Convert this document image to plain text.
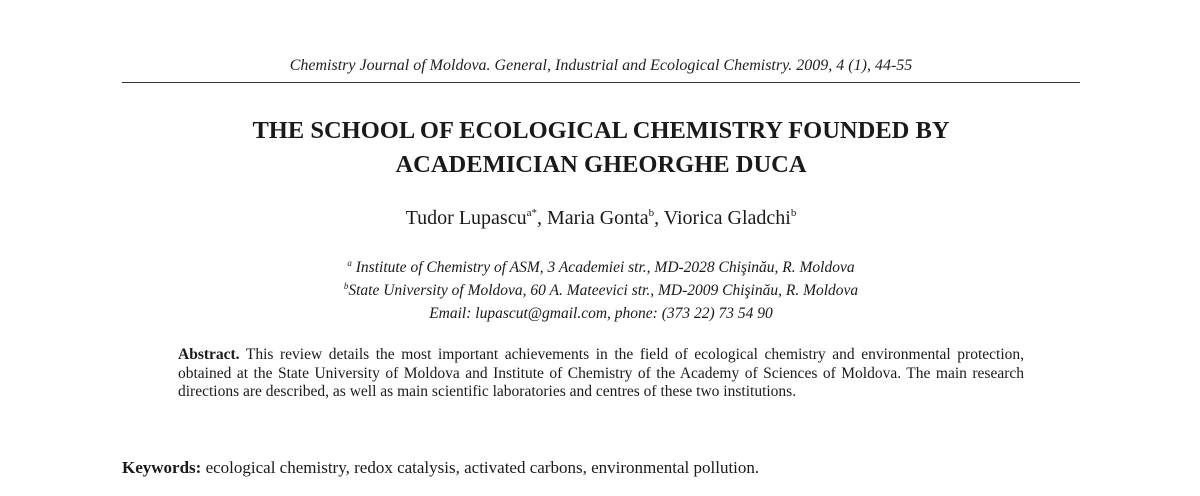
Chemistry Journal of Moldova. General, Industrial and Ecological Chemistry. 2009, 4 (1), 44-55
THE SCHOOL OF ECOLOGICAL CHEMISTRY FOUNDED BY
ACADEMICIAN GHEORGHE DUCA
Tudor Lupascu$^{a*}$, Maria Gonta$^b$, Viorica Gladchi$^b$
$^a$ Institute of Chemistry of ASM, 3 Academiei str., MD-2028 Chişinău, R. Moldova
$^b$State University of Moldova, 60 A. Mateevici str., MD-2009 Chişinău, R. Moldova
Email: lupascut@gmail.com, phone: (373 22) 73 54 90
Abstract. This review details the most important achievements in the field of ecological chemistry and environmental protection, obtained at the State University of Moldova and Institute of Chemistry of the Academy of Sciences of Moldova. The main research directions are described, as well as main scientific laboratories and centres of these two institutions.
Keywords: ecological chemistry, redox catalysis, activated carbons, environmental pollution.
